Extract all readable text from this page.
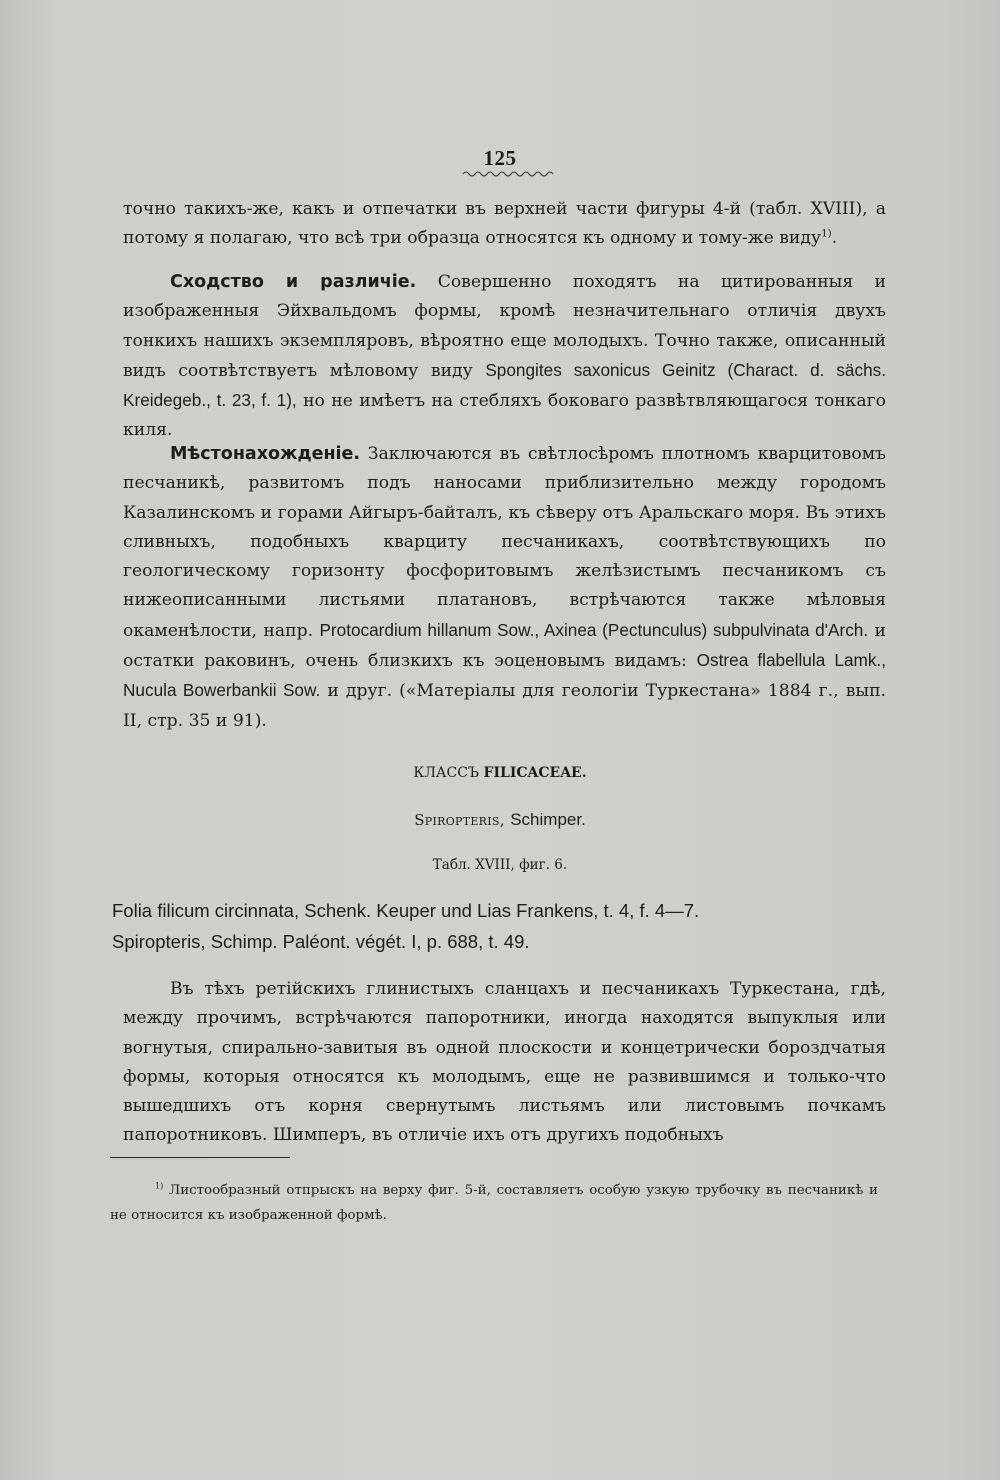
125

точно такихъ-же, какъ и отпечатки въ верхней части фигуры 4-й (табл. XVIII), а потому я полагаю, что всѣ три образца относятся къ одному и тому-же виду$^{1)}$.

Сходство и различіе. Совершенно походятъ на цитированныя и изображенныя Эйхвальдомъ формы, кромѣ незначительнаго отличія двухъ тонкихъ нашихъ экземпляровъ, вѣроятно еще молодыхъ. Точно также, описанный видъ соотвѣтствуетъ мѣловому виду Spongites saxonicus Geinitz (Charact. d. sächs. Kreidegeb., t. 23, f. 1), но не имѣетъ на стебляхъ боковаго развѣтвляющагося тонкаго киля.

Мѣстонахожденіе. Заключаются въ свѣтлосѣромъ плотномъ кварцитовомъ песчаникѣ, развитомъ подъ наносами приблизительно между городомъ Казалинскомъ и горами Айгыръ-байталъ, къ сѣверу отъ Аральскаго моря. Въ этихъ сливныхъ, подобныхъ кварциту песчаникахъ, соотвѣтствующихъ по геологическому горизонту фосфоритовымъ желѣзистымъ песчаникомъ съ нижеописанными листьями платановъ, встрѣчаются также мѣловыя окаменѣлости, напр. Protocardium hillanum Sow., Axinea (Pectunculus) subpulvinata d'Arch. и остатки раковинъ, очень близкихъ къ эоценовымъ видамъ: Ostrea flabellula Lamk., Nucula Bowerbankii Sow. и друг. («Матеріалы для геологіи Туркестана» 1884 г., вып. II, стр. 35 и 91).

КЛАССЪ FILICACEAE.
Spiropteris, Schimper.
Табл. XVIII, фиг. 6.
Folia filicum circinnata, Schenk. Keuper und Lias Frankens, t. 4, f. 4—7.
Spiropteris, Schimp. Paléont. végét. I, p. 688, t. 49.

Въ тѣхъ ретійскихъ глинистыхъ сланцахъ и песчаникахъ Туркестана, гдѣ, между прочимъ, встрѣчаются папоротники, иногда находятся выпуклыя или вогнутыя, спирально-завитыя въ одной плоскости и концетрически бороздчатыя формы, которыя относятся къ молодымъ, еще не развившимся и только-что вышедшихъ отъ корня свернутымъ листьямъ или листовымъ почкамъ папоротниковъ. Шимперъ, въ отличіе ихъ отъ другихъ подобныхъ

$^{1)}$ Листообразный отпрыскъ на верху фиг. 5-й, составляетъ особую узкую трубочку въ песчаникѣ и не относится къ изображенной формѣ.
